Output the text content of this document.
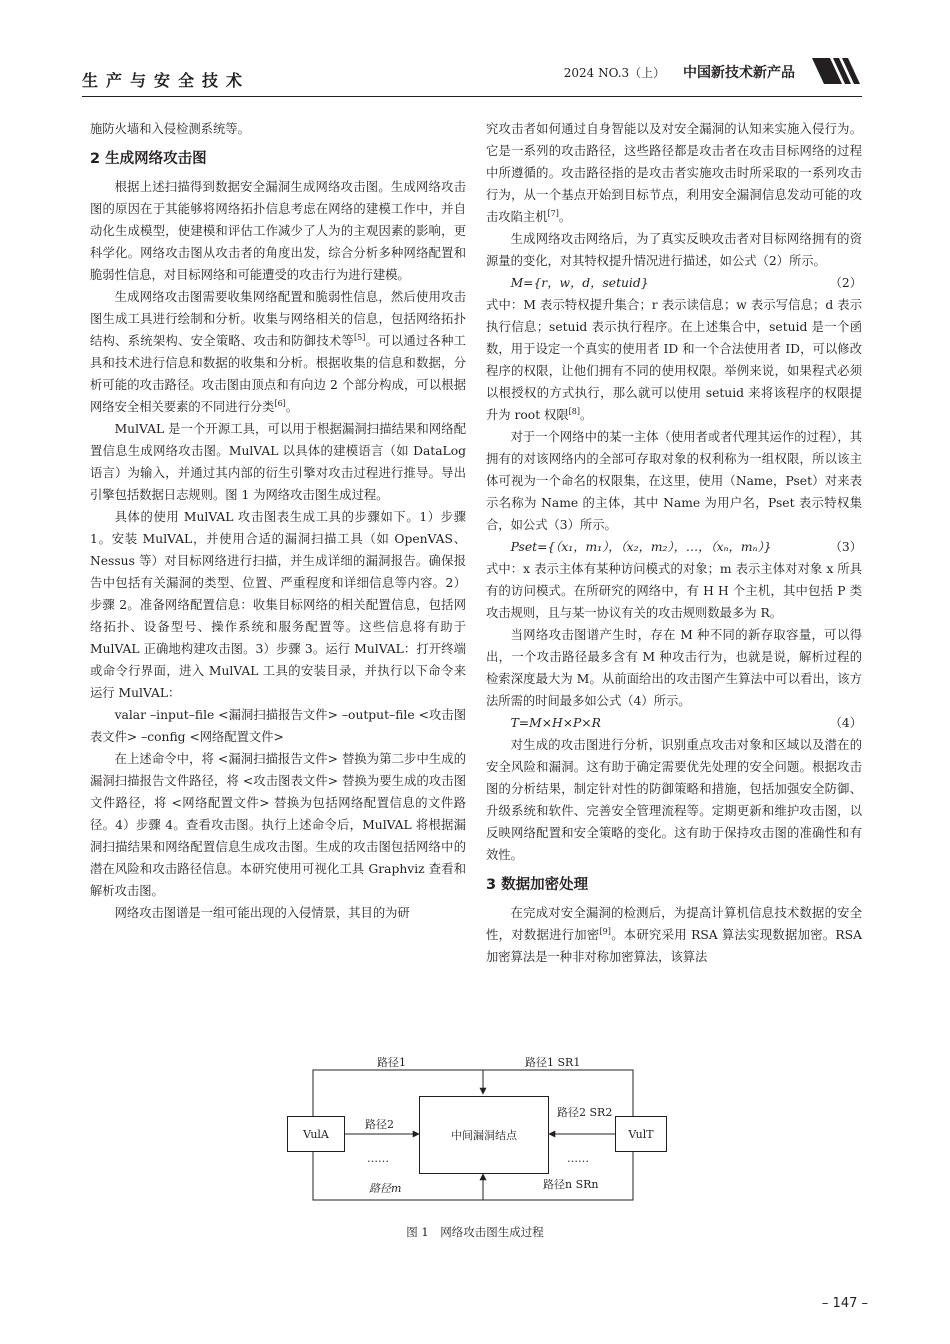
生产与安全技术	2024 NO.3（上） 中国新技术新产品

施防火墙和入侵检测系统等。

2 生成网络攻击图

根据上述扫描得到数据安全漏洞生成网络攻击图。生成网络攻击图的原因在于其能够将网络拓扑信息考虑在网络的建模工作中，并自动化生成模型，使建模和评估工作减少了人为的主观因素的影响，更科学化。网络攻击图从攻击者的角度出发，综合分析多种网络配置和脆弱性信息，对目标网络和可能遭受的攻击行为进行建模。

生成网络攻击图需要收集网络配置和脆弱性信息，然后使用攻击图生成工具进行绘制和分析。收集与网络相关的信息，包括网络拓扑结构、系统架构、安全策略、攻击和防御技术等[5]。可以通过各种工具和技术进行信息和数据的收集和分析。根据收集的信息和数据，分析可能的攻击路径。攻击图由顶点和有向边 2 个部分构成，可以根据网络安全相关要素的不同进行分类[6]。

MulVAL 是一个开源工具，可以用于根据漏洞扫描结果和网络配置信息生成网络攻击图。MulVAL 以具体的建模语言（如 DataLog 语言）为输入，并通过其内部的衍生引擎对攻击过程进行推导。导出引擎包括数据日志规则。图 1 为网络攻击图生成过程。

具体的使用 MulVAL 攻击图表生成工具的步骤如下。1）步骤 1。安装 MulVAL，并使用合适的漏洞扫描工具（如 OpenVAS、Nessus 等）对目标网络进行扫描，并生成详细的漏洞报告。确保报告中包括有关漏洞的类型、位置、严重程度和详细信息等内容。2）步骤 2。准备网络配置信息：收集目标网络的相关配置信息，包括网络拓扑、设备型号、操作系统和服务配置等。这些信息将有助于 MulVAL 正确地构建攻击图。3）步骤 3。运行 MulVAL：打开终端或命令行界面，进入 MulVAL 工具的安装目录，并执行以下命令来运行 MulVAL：

valar –input–file <漏洞扫描报告文件> –output–file <攻击图表文件> –config <网络配置文件>

在上述命令中，将 <漏洞扫描报告文件> 替换为第二步中生成的漏洞扫描报告文件路径，将 <攻击图表文件> 替换为要生成的攻击图文件路径，将 <网络配置文件> 替换为包括网络配置信息的文件路径。4）步骤 4。查看攻击图。执行上述命令后，MulVAL 将根据漏洞扫描结果和网络配置信息生成攻击图。生成的攻击图包括网络中的潜在风险和攻击路径信息。本研究使用可视化工具 Graphviz 查看和解析攻击图。

网络攻击图谱是一组可能出现的入侵情景，其目的为研

究攻击者如何通过自身智能以及对安全漏洞的认知来实施入侵行为。它是一系列的攻击路径，这些路径都是攻击者在攻击目标网络的过程中所遵循的。攻击路径指的是攻击者实施攻击时所采取的一系列攻击行为，从一个基点开始到目标节点，利用安全漏洞信息发动可能的攻击攻陷主机[7]。

生成网络攻击网络后，为了真实反映攻击者对目标网络拥有的资源量的变化，对其特权提升情况进行描述，如公式（2）所示。

M={r，w，d，setuid}	（2）

式中：M 表示特权提升集合；r 表示读信息；w 表示写信息；d 表示执行信息；setuid 表示执行程序。在上述集合中，setuid 是一个函数，用于设定一个真实的使用者 ID 和一个合法使用者 ID，可以修改程序的权限，让他们拥有不同的使用权限。举例来说，如果程式必须以根授权的方式执行，那么就可以使用 setuid 来将该程序的权限提升为 root 权限[8]。

对于一个网络中的某一主体（使用者或者代理其运作的过程），其拥有的对该网络内的全部可存取对象的权利称为一组权限，所以该主体可视为一个命名的权限集，在这里，使用（Name，Pset）对来表示名称为 Name 的主体，其中 Name 为用户名，Pset 表示特权集合，如公式（3）所示。

Pset={（x₁，m₁），（x₂，m₂），…，（xₙ，mₙ）}	（3）

式中：x 表示主体有某种访问模式的对象；m 表示主体对对象 x 所具有的访问模式。在所研究的网络中，有 H H 个主机，其中包括 P 类攻击规则，且与某一协议有关的攻击规则数最多为 R。

当网络攻击图谱产生时，存在 M 种不同的新存取容量，可以得出，一个攻击路径最多含有 M 种攻击行为，也就是说，解析过程的检索深度最大为 M。从前面给出的攻击图产生算法中可以看出，该方法所需的时间最多如公式（4）所示。

T=M×H×P×R	（4）

对生成的攻击图进行分析，识别重点攻击对象和区域以及潜在的安全风险和漏洞。这有助于确定需要优先处理的安全问题。根据攻击图的分析结果，制定针对性的防御策略和措施，包括加强安全防御、升级系统和软件、完善安全管理流程等。定期更新和维护攻击图，以反映网络配置和安全策略的变化。这有助于保持攻击图的准确性和有效性。

3 数据加密处理

在完成对安全漏洞的检测后，为提高计算机信息技术数据的安全性，对数据进行加密[9]。本研究采用 RSA 算法实现数据加密。RSA 加密算法是一种非对称加密算法，该算法

VulA	VulT
中间漏洞结点
路径1	路径1 SR1
路径2
路径2 SR2
……	……
路径m	路径n SRn
图 1　网络攻击图生成过程
– 147 –
